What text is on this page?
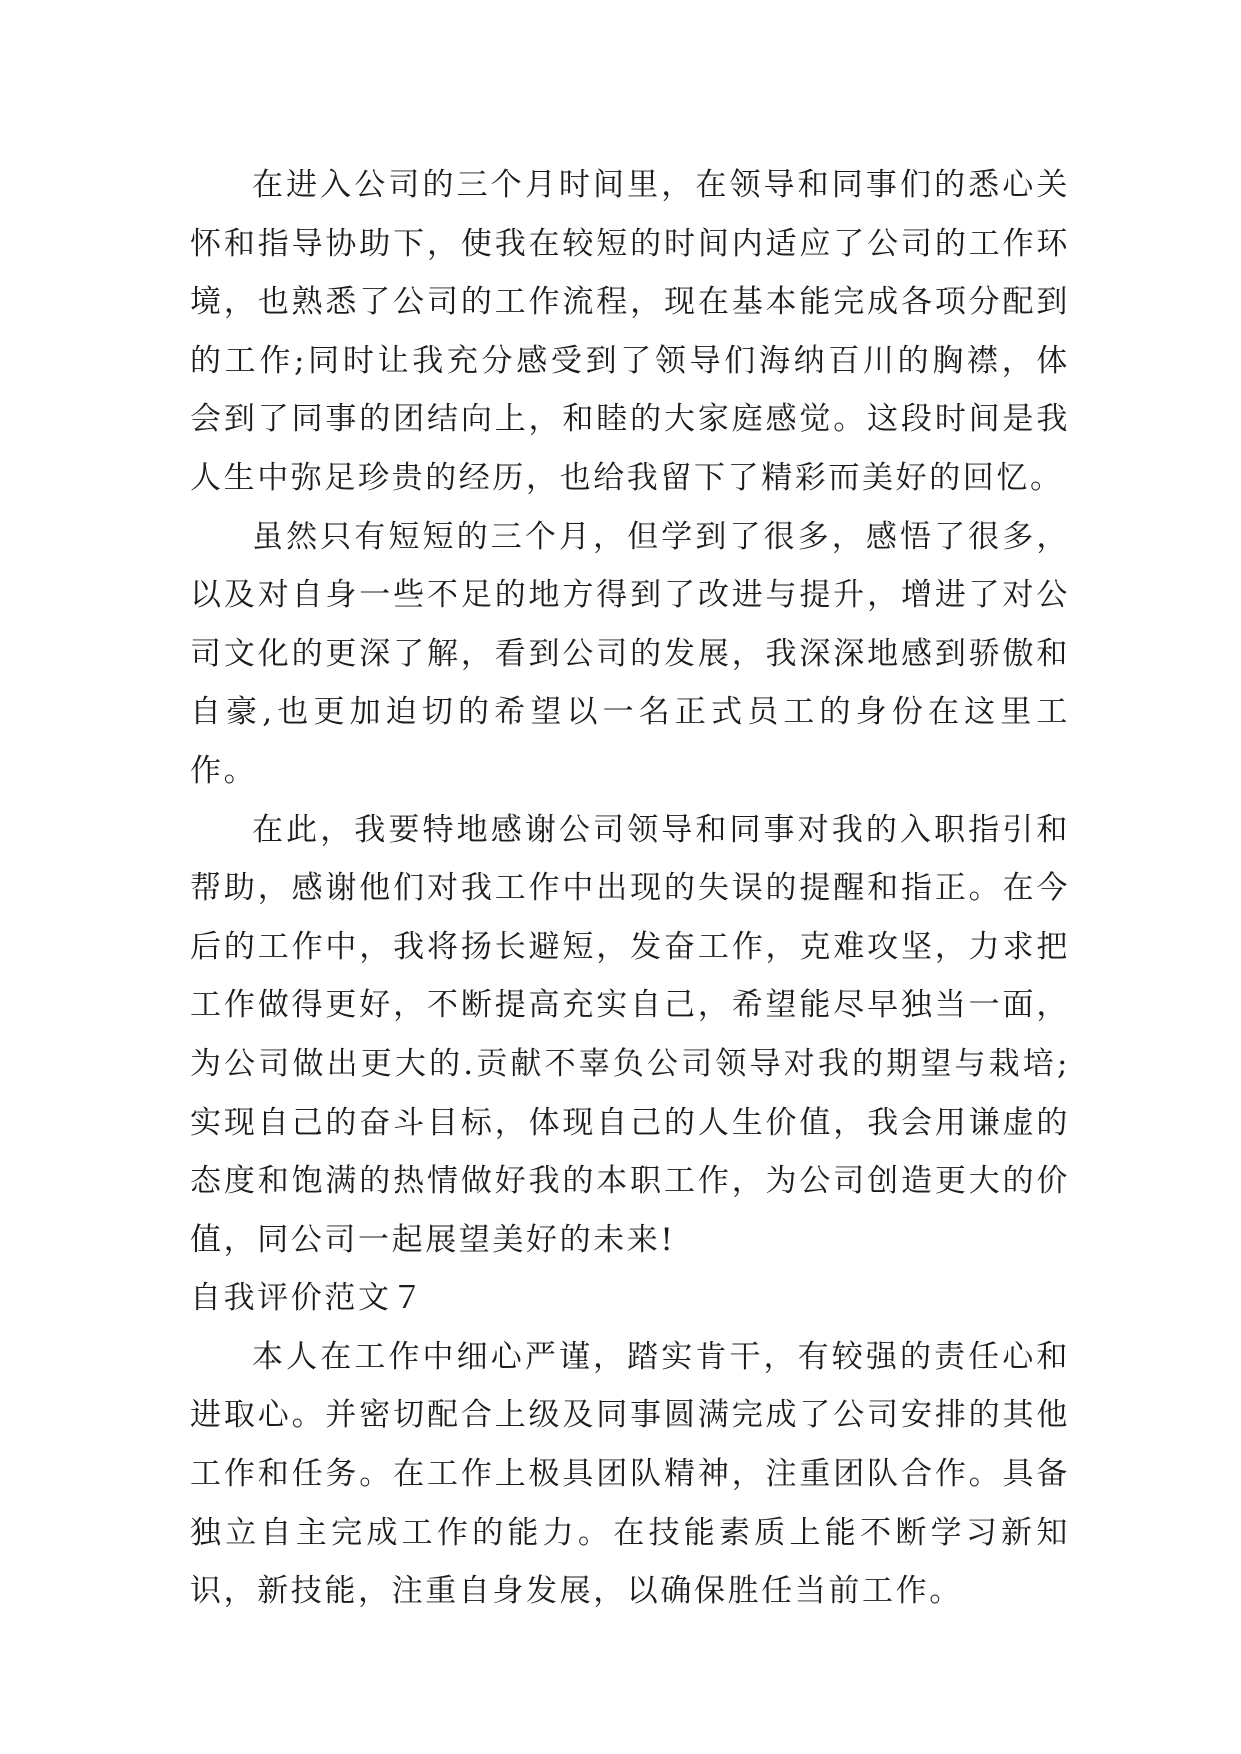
在进入公司的三个月时间里，在领导和同事们的悉心关怀和指导协助下，使我在较短的时间内适应了公司的工作环境，也熟悉了公司的工作流程，现在基本能完成各项分配到的工作;同时让我充分感受到了领导们海纳百川的胸襟，体会到了同事的团结向上，和睦的大家庭感觉。这段时间是我人生中弥足珍贵的经历，也给我留下了精彩而美好的回忆。

虽然只有短短的三个月，但学到了很多，感悟了很多，以及对自身一些不足的地方得到了改进与提升，增进了对公司文化的更深了解，看到公司的发展，我深深地感到骄傲和自豪,也更加迫切的希望以一名正式员工的身份在这里工作。

在此，我要特地感谢公司领导和同事对我的入职指引和帮助，感谢他们对我工作中出现的失误的提醒和指正。在今后的工作中，我将扬长避短，发奋工作，克难攻坚，力求把工作做得更好，不断提高充实自己，希望能尽早独当一面，为公司做出更大的.贡献不辜负公司领导对我的期望与栽培;实现自己的奋斗目标，体现自己的人生价值，我会用谦虚的态度和饱满的热情做好我的本职工作，为公司创造更大的价值，同公司一起展望美好的未来!

自我评价范文７

本人在工作中细心严谨，踏实肯干，有较强的责任心和进取心。并密切配合上级及同事圆满完成了公司安排的其他工作和任务。在工作上极具团队精神，注重团队合作。具备独立自主完成工作的能力。在技能素质上能不断学习新知识，新技能，注重自身发展，以确保胜任当前工作。
